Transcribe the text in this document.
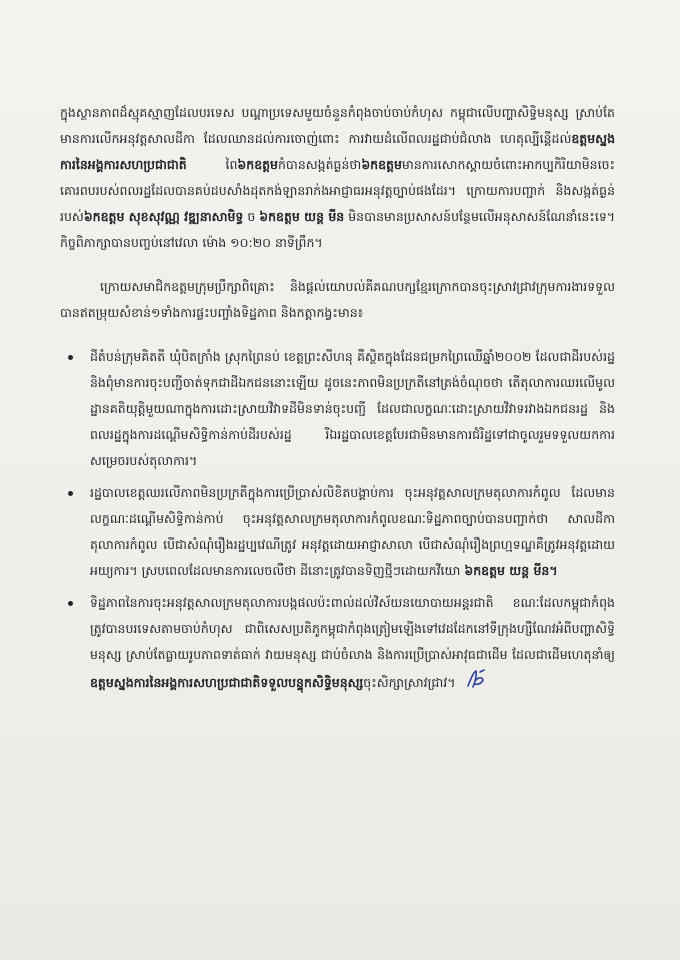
ក្នុងស្ថានភាពដ៏ស្មុគស្មាញដែលបរទេស បណ្តាប្រទេសមួយចំនួនកំពុងចាប់ចាប់កំហុស កម្ពុជាលើបញ្ហាសិទ្ធិមនុស្ស ស្រាប់តែមានការលើកអនុវត្តសាលដីកា ដែលឈានដល់ការចោញ់ពោះ ការវាយដំលើពលរដ្ឋជាប់ជំលាង ហេតុល្បីនើ្តដល់ឧត្តមស្នងការនៃអង្គការសហប្រជាជាតិ ពៃ៦កឧត្តមកំបានសង្កត់ធ្ងន់ថា៦កឧត្តមមានការសោកស្តាយចំពោះអាកប្បកិរិយាមិនចេះគោរពបរបស់ពលរដ្ឋដែលបានគប់ដបសាំងដុតកង់ឡានរាក់ងអាជ្ញាធរអនុវត្តច្បាប់ផងដែរ។ ក្រោយការបញ្ជាក់ និងសង្កត់ធ្ងន់របស់៦កឧត្តម សុខសុវណ្ណ វឌ្ឍនាសាមិទ្ធ ច ៦កឧត្តម យន្ត មីន មិនបានមានប្រសាសន៍បន្ថែមលើអនុសាសន៍ណែនាំនេះទេ។ កិច្ចពិភាក្សាបានបញ្ចប់នៅវេលា ម៉ោង ១០:២០ នាទីព្រឹក។

ក្រោយសមាជិកឧត្តមក្រុមប្រឹក្សាពិគ្រោះ និងផ្តល់យោបល់គីគណបក្សខ្មែរក្រោកបានចុះស្រាវជ្រាវក្រុមការងារទទួលបានឥតម្រុយសំខាន់១ទាំងការផ្លះបញ្ចាំងទិដ្ឋភាព និងកត្តាកង្វះមាន៖

ដីតំបន់ក្រុមគិតតី ឃុំបិតក្រាំង ស្រុកព្រៃនប់ ខេត្តព្រះសីហនុ គឺស្ថិតក្នុងដែនជម្រកព្រៃឈើឆ្នាំ២០០២ ដែលជាដីរបស់រដ្ឋ និងពុំមានការចុះបញ្ជីចាត់ទុកជាដីឯកជននោះឡើយ ដូចនេះភាពមិនប្រក្រតីនៅត្រង់ចំណុចថា តើតុលាការឈរលើមូលដ្ឋានគតិយុត្តិមួយណាក្នុងការដោះស្រាយវិវាទដីមិនទាន់ចុះបញ្ជី ដែលជាលក្ខណៈដោះស្រាយវិវាទរវាងឯកជនរដ្ឋ និងពលរដ្ឋក្នុងការដណ្តើមសិទ្ធិកាន់កាប់ដីរបស់រដ្ឋ រីឯរដ្ឋបាលខេត្តបែរជាមិនមានការជំរិដ្ឋទៅជាចូលរួមទទួលយកការសម្រេចរបស់តុលាការ។
រដ្ឋបាលខេត្តឈរលើភាពមិនប្រក្រតីក្នុងការប្រើប្រាស់លិខិតបង្គាប់ការ ចុះអនុវត្តសាលក្រមតុលាការកំពូល ដែលមានលក្ខណៈដណ្តើមសិទ្ធិកាន់កាប់ ចុះអនុវត្តសាលក្រមតុលាការកំពូលខណៈទិដ្ឋភាពច្បាប់បានបញ្ជាក់ថា សាលដីកាតុលាការកំពូល បើជាសំណុំរឿងរដ្ឋប្បវេណីត្រូវ អនុវត្តដោយអាជ្ញាសាលា បើជាសំណុំរឿងព្រហ្មទណ្ឌគឺត្រូវអនុវត្តដោយអយ្យការ។ ស្របពេលដែលមានការលេចលឺថា ដីនោះត្រូវបានទិញថ្មីៗដោយកវីយោ ៦កឧត្តម យន្ត មីន។
ទិដ្ឋភាពនៃការចុះអនុវត្តសាលក្រមតុលាការបង្កផលប៉ះពាល់ដល់វិស័យនយោបាយអន្តរជាតិ ខណៈដែលកម្ពុជាកំពុងត្រូវបានបរទេសតាមចាប់កំហុស ជាពិសេសប្រតិភូកម្ពុជាកំពុងត្រៀមឡើងទៅវេដដែកនៅទីក្រុងហ្សឺណែវអំពីបញ្ហាសិទ្ធិមនុស្ស ស្រាប់តែធ្លាយរូបភាពទាត់ធាក់ វាយមនុស្ស ជាប់ចំលាង និងការប្រើប្រាស់អាវុធជាដើម ដែលជាដើមហេតុនាំឲ្យឧត្តមស្នងការនៃអង្គការសហប្រជាជាតិទទួលបន្ទុកសិទ្ធិមនុស្សចុះសិក្សាស្រាវជ្រាវ។
